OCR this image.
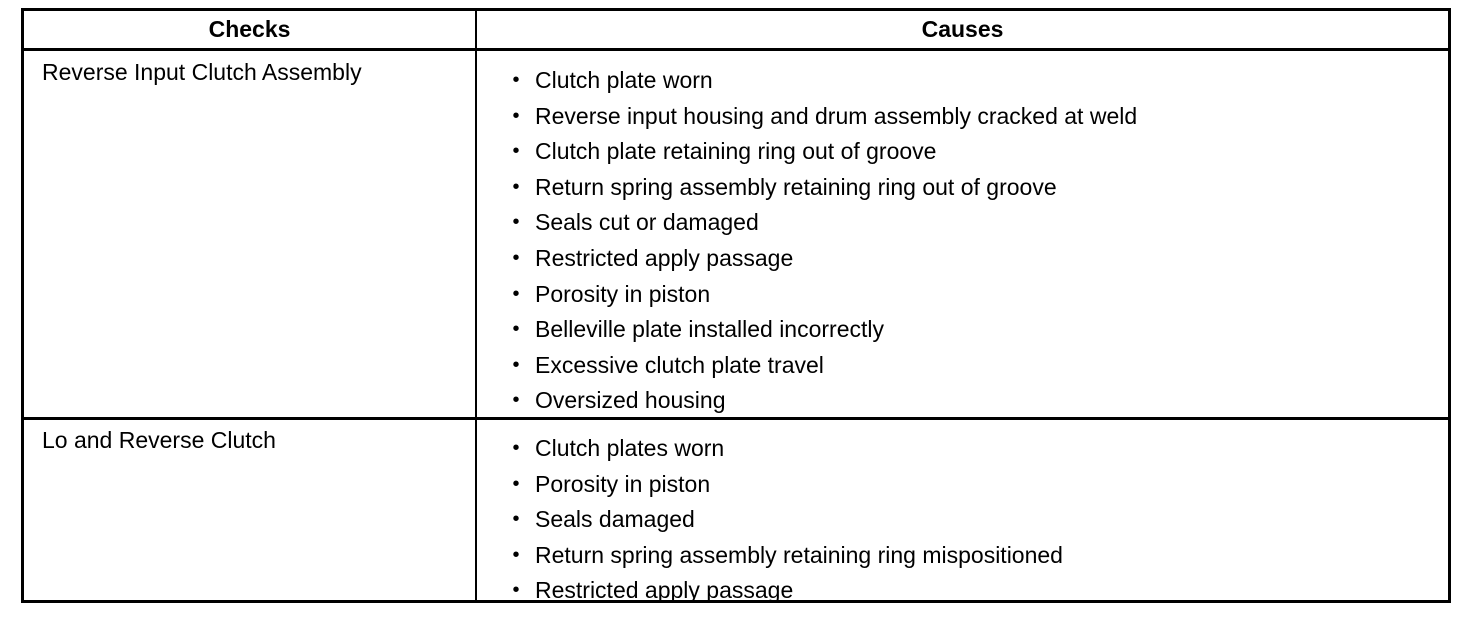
Checks	Causes
Reverse Input Clutch Assembly	• Clutch plate worn
• Reverse input housing and drum assembly cracked at weld
• Clutch plate retaining ring out of groove
• Return spring assembly retaining ring out of groove
• Seals cut or damaged
• Restricted apply passage
• Porosity in piston
• Belleville plate installed incorrectly
• Excessive clutch plate travel
• Oversized housing
Lo and Reverse Clutch	• Clutch plates worn
• Porosity in piston
• Seals damaged
• Return spring assembly retaining ring mispositioned
• Restricted apply passage
